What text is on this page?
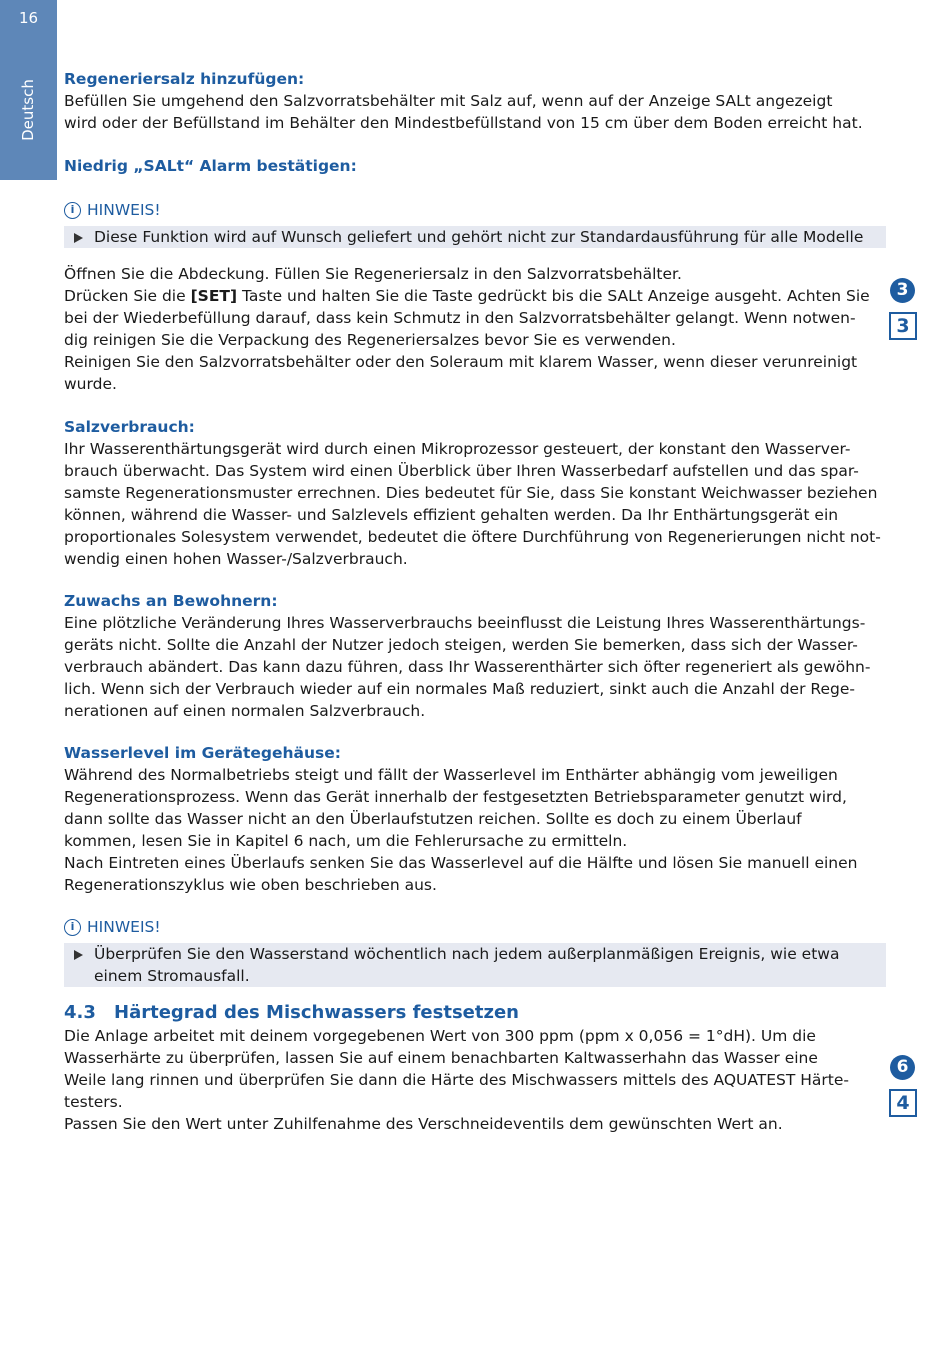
16
Deutsch
Regeneriersalz hinzufügen:
Befüllen Sie umgehend den Salzvorratsbehälter mit Salz auf, wenn auf der Anzeige SALt angezeigt
wird oder der Befüllstand im Behälter den Mindestbefüllstand von 15 cm über dem Boden erreicht hat.
Niedrig „SALt“ Alarm bestätigen:
i HINWEIS!
Diese Funktion wird auf Wunsch geliefert und gehört nicht zur Standardausführung für alle Modelle
Öffnen Sie die Abdeckung. Füllen Sie Regeneriersalz in den Salzvorratsbehälter.
Drücken Sie die [SET] Taste und halten Sie die Taste gedrückt bis die SALt Anzeige ausgeht. Achten Sie
bei der Wiederbefüllung darauf, dass kein Schmutz in den Salzvorratsbehälter gelangt. Wenn notwen-
dig reinigen Sie die Verpackung des Regeneriersalzes bevor Sie es verwenden.
Reinigen Sie den Salzvorratsbehälter oder den Soleraum mit klarem Wasser, wenn dieser verunreinigt
wurde.
Salzverbrauch:
Ihr Wasserenthärtungsgerät wird durch einen Mikroprozessor gesteuert, der konstant den Wasserver-
brauch überwacht. Das System wird einen Überblick über Ihren Wasserbedarf aufstellen und das spar-
samste Regenerationsmuster errechnen. Dies bedeutet für Sie, dass Sie konstant Weichwasser beziehen
können, während die Wasser- und Salzlevels effizient gehalten werden. Da Ihr Enthärtungsgerät ein
proportionales Solesystem verwendet, bedeutet die öftere Durchführung von Regenerierungen nicht not-
wendig einen hohen Wasser-/Salzverbrauch.
Zuwachs an Bewohnern:
Eine plötzliche Veränderung Ihres Wasserverbrauchs beeinflusst die Leistung Ihres Wasserenthärtungs-
geräts nicht. Sollte die Anzahl der Nutzer jedoch steigen, werden Sie bemerken, dass sich der Wasser-
verbrauch abändert. Das kann dazu führen, dass Ihr Wasserenthärter sich öfter regeneriert als gewöhn-
lich. Wenn sich der Verbrauch wieder auf ein normales Maß reduziert, sinkt auch die Anzahl der Rege-
nerationen auf einen normalen Salzverbrauch.
Wasserlevel im Gerätegehäuse:
Während des Normalbetriebs steigt und fällt der Wasserlevel im Enthärter abhängig vom jeweiligen
Regenerationsprozess. Wenn das Gerät innerhalb der festgesetzten Betriebsparameter genutzt wird,
dann sollte das Wasser nicht an den Überlaufstutzen reichen. Sollte es doch zu einem Überlauf
kommen, lesen Sie in Kapitel 6 nach, um die Fehlerursache zu ermitteln.
Nach Eintreten eines Überlaufs senken Sie das Wasserlevel auf die Hälfte und lösen Sie manuell einen
Regenerationszyklus wie oben beschrieben aus.
i HINWEIS!
Überprüfen Sie den Wasserstand wöchentlich nach jedem außerplanmäßigen Ereignis, wie etwa
einem Stromausfall.
4.3 Härtegrad des Mischwassers festsetzen
Die Anlage arbeitet mit deinem vorgegebenen Wert von 300 ppm (ppm x 0,056 = 1°dH). Um die
Wasserhärte zu überprüfen, lassen Sie auf einem benachbarten Kaltwasserhahn das Wasser eine
Weile lang rinnen und überprüfen Sie dann die Härte des Mischwassers mittels des AQUATEST Härte-
testers.
Passen Sie den Wert unter Zuhilfenahme des Verschneideventils dem gewünschten Wert an.
3
3
6
4
